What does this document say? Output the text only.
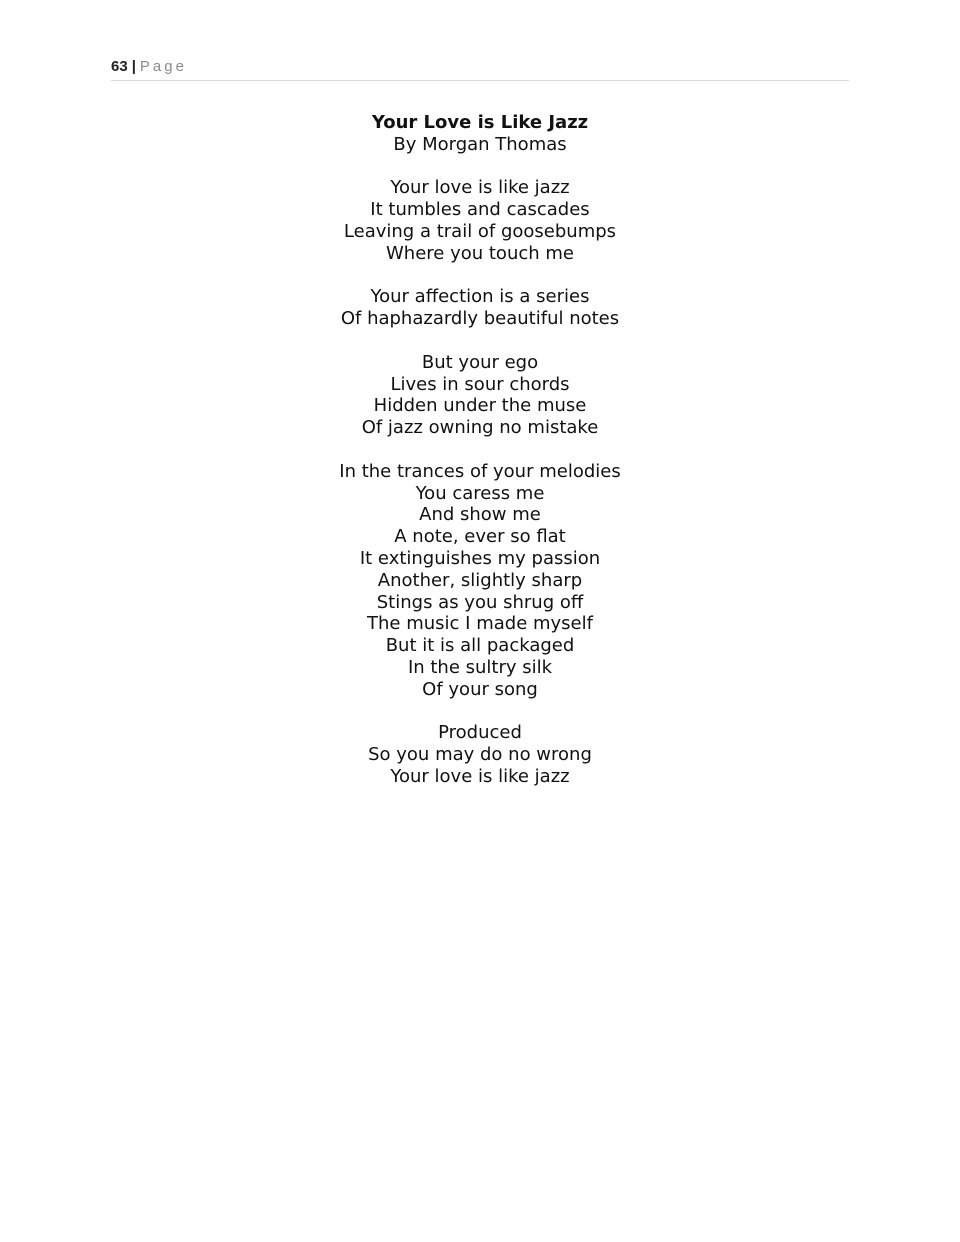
63 | Page
Your Love is Like Jazz
By Morgan Thomas
Your love is like jazz
It tumbles and cascades
Leaving a trail of goosebumps
Where you touch me
Your affection is a series
Of haphazardly beautiful notes
But your ego
Lives in sour chords
Hidden under the muse
Of jazz owning no mistake
In the trances of your melodies
You caress me
And show me
A note, ever so flat
It extinguishes my passion
Another, slightly sharp
Stings as you shrug off
The music I made myself
But it is all packaged
In the sultry silk
Of your song
Produced
So you may do no wrong
Your love is like jazz
